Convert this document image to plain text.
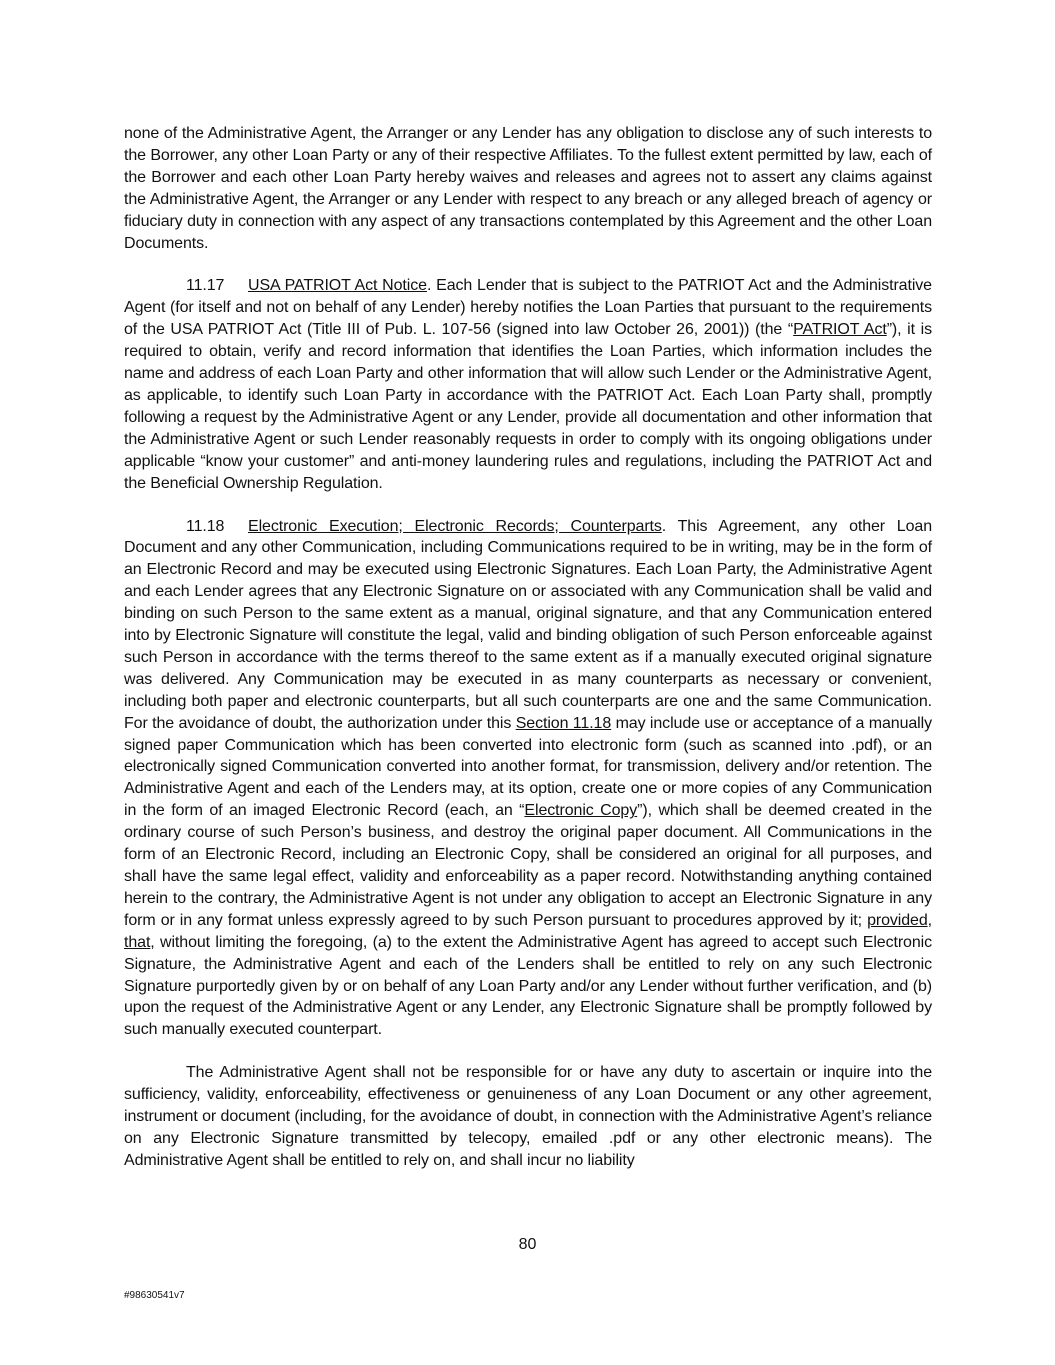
none of the Administrative Agent, the Arranger or any Lender has any obligation to disclose any of such interests to the Borrower, any other Loan Party or any of their respective Affiliates. To the fullest extent permitted by law, each of the Borrower and each other Loan Party hereby waives and releases and agrees not to assert any claims against the Administrative Agent, the Arranger or any Lender with respect to any breach or any alleged breach of agency or fiduciary duty in connection with any aspect of any transactions contemplated by this Agreement and the other Loan Documents.

11.17 USA PATRIOT Act Notice. Each Lender that is subject to the PATRIOT Act and the Administrative Agent (for itself and not on behalf of any Lender) hereby notifies the Loan Parties that pursuant to the requirements of the USA PATRIOT Act (Title III of Pub. L. 107-56 (signed into law October 26, 2001)) (the “PATRIOT Act”), it is required to obtain, verify and record information that identifies the Loan Parties, which information includes the name and address of each Loan Party and other information that will allow such Lender or the Administrative Agent, as applicable, to identify such Loan Party in accordance with the PATRIOT Act. Each Loan Party shall, promptly following a request by the Administrative Agent or any Lender, provide all documentation and other information that the Administrative Agent or such Lender reasonably requests in order to comply with its ongoing obligations under applicable “know your customer” and anti-money laundering rules and regulations, including the PATRIOT Act and the Beneficial Ownership Regulation.

11.18 Electronic Execution; Electronic Records; Counterparts. This Agreement, any other Loan Document and any other Communication, including Communications required to be in writing, may be in the form of an Electronic Record and may be executed using Electronic Signatures. Each Loan Party, the Administrative Agent and each Lender agrees that any Electronic Signature on or associated with any Communication shall be valid and binding on such Person to the same extent as a manual, original signature, and that any Communication entered into by Electronic Signature will constitute the legal, valid and binding obligation of such Person enforceable against such Person in accordance with the terms thereof to the same extent as if a manually executed original signature was delivered. Any Communication may be executed in as many counterparts as necessary or convenient, including both paper and electronic counterparts, but all such counterparts are one and the same Communication. For the avoidance of doubt, the authorization under this Section 11.18 may include use or acceptance of a manually signed paper Communication which has been converted into electronic form (such as scanned into .pdf), or an electronically signed Communication converted into another format, for transmission, delivery and/or retention. The Administrative Agent and each of the Lenders may, at its option, create one or more copies of any Communication in the form of an imaged Electronic Record (each, an “Electronic Copy”), which shall be deemed created in the ordinary course of such Person’s business, and destroy the original paper document. All Communications in the form of an Electronic Record, including an Electronic Copy, shall be considered an original for all purposes, and shall have the same legal effect, validity and enforceability as a paper record. Notwithstanding anything contained herein to the contrary, the Administrative Agent is not under any obligation to accept an Electronic Signature in any form or in any format unless expressly agreed to by such Person pursuant to procedures approved by it; provided, that, without limiting the foregoing, (a) to the extent the Administrative Agent has agreed to accept such Electronic Signature, the Administrative Agent and each of the Lenders shall be entitled to rely on any such Electronic Signature purportedly given by or on behalf of any Loan Party and/or any Lender without further verification, and (b) upon the request of the Administrative Agent or any Lender, any Electronic Signature shall be promptly followed by such manually executed counterpart.

The Administrative Agent shall not be responsible for or have any duty to ascertain or inquire into the sufficiency, validity, enforceability, effectiveness or genuineness of any Loan Document or any other agreement, instrument or document (including, for the avoidance of doubt, in connection with the Administrative Agent’s reliance on any Electronic Signature transmitted by telecopy, emailed .pdf or any other electronic means). The Administrative Agent shall be entitled to rely on, and shall incur no liability

80
#98630541v7
